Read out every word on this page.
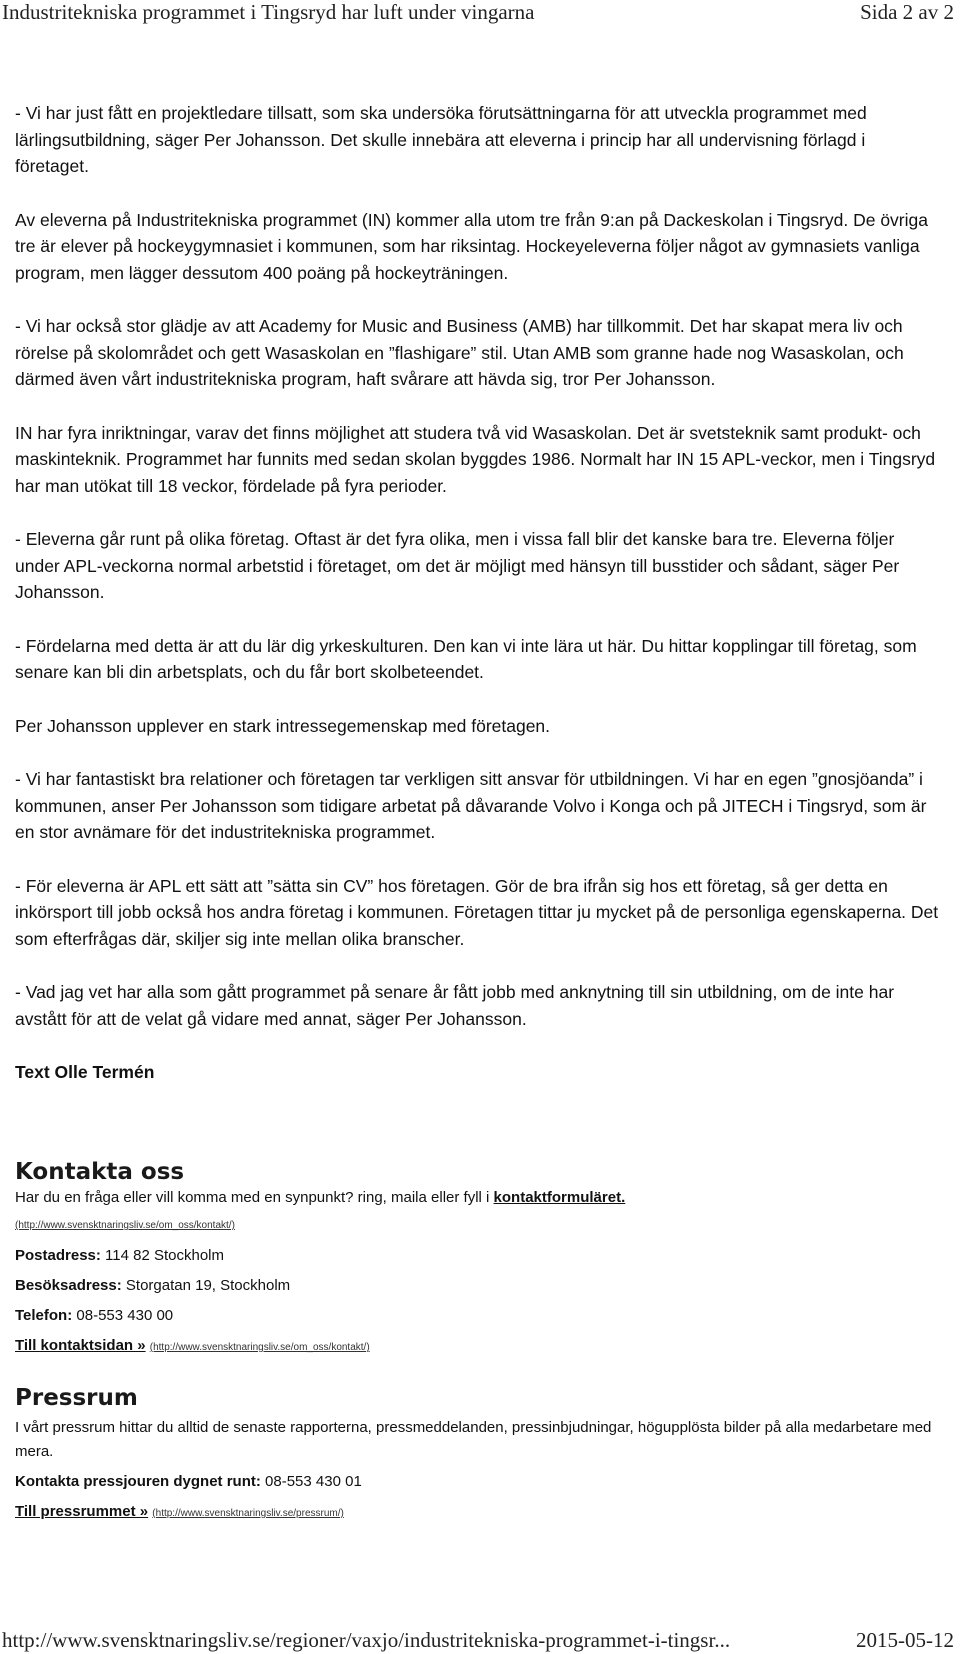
Industritekniska programmet i Tingsryd har luft under vingarna	Sida 2 av 2

- Vi har just fått en projektledare tillsatt, som ska undersöka förutsättningarna för att utveckla programmet med lärlingsutbildning, säger Per Johansson. Det skulle innebära att eleverna i princip har all undervisning förlagd i företaget.

Av eleverna på Industritekniska programmet (IN) kommer alla utom tre från 9:an på Dackeskolan i Tingsryd. De övriga tre är elever på hockeygymnasiet i kommunen, som har riksintag. Hockeyeleverna följer något av gymnasiets vanliga program, men lägger dessutom 400 poäng på hockeyträningen.

- Vi har också stor glädje av att Academy for Music and Business (AMB) har tillkommit. Det har skapat mera liv och rörelse på skolområdet och gett Wasaskolan en ”flashigare” stil. Utan AMB som granne hade nog Wasaskolan, och därmed även vårt industritekniska program, haft svårare att hävda sig, tror Per Johansson.

IN har fyra inriktningar, varav det finns möjlighet att studera två vid Wasaskolan. Det är svetsteknik samt produkt- och maskinteknik. Programmet har funnits med sedan skolan byggdes 1986. Normalt har IN 15 APL-veckor, men i Tingsryd har man utökat till 18 veckor, fördelade på fyra perioder.

- Eleverna går runt på olika företag. Oftast är det fyra olika, men i vissa fall blir det kanske bara tre. Eleverna följer under APL-veckorna normal arbetstid i företaget, om det är möjligt med hänsyn till busstider och sådant, säger Per Johansson.

- Fördelarna med detta är att du lär dig yrkeskulturen. Den kan vi inte lära ut här. Du hittar kopplingar till företag, som senare kan bli din arbetsplats, och du får bort skolbeteendet.

Per Johansson upplever en stark intressegemenskap med företagen.

- Vi har fantastiskt bra relationer och företagen tar verkligen sitt ansvar för utbildningen. Vi har en egen ”gnosjöanda” i kommunen, anser Per Johansson som tidigare arbetat på dåvarande Volvo i Konga och på JITECH i Tingsryd, som är en stor avnämare för det industritekniska programmet.

- För eleverna är APL ett sätt att ”sätta sin CV” hos företagen. Gör de bra ifrån sig hos ett företag, så ger detta en inkörsport till jobb också hos andra företag i kommunen. Företagen tittar ju mycket på de personliga egenskaperna. Det som efterfrågas där, skiljer sig inte mellan olika branscher.

- Vad jag vet har alla som gått programmet på senare år fått jobb med anknytning till sin utbildning, om de inte har avstått för att de velat gå vidare med annat, säger Per Johansson.

Text Olle Termén

Kontakta oss

Har du en fråga eller vill komma med en synpunkt? ring, maila eller fyll i kontaktformuläret.

(http://www.svensktnaringsliv.se/om_oss/kontakt/)

Postadress: 114 82 Stockholm

Besöksadress: Storgatan 19, Stockholm

Telefon: 08-553 430 00

Till kontaktsidan » (http://www.svensktnaringsliv.se/om_oss/kontakt/)

Pressrum

I vårt pressrum hittar du alltid de senaste rapporterna, pressmeddelanden, pressinbjudningar, högupplösta bilder på alla medarbetare med mera.

Kontakta pressjouren dygnet runt: 08-553 430 01

Till pressrummet » (http://www.svensktnaringsliv.se/pressrum/)

http://www.svensktnaringsliv.se/regioner/vaxjo/industritekniska-programmet-i-tingsr...	2015-05-12
